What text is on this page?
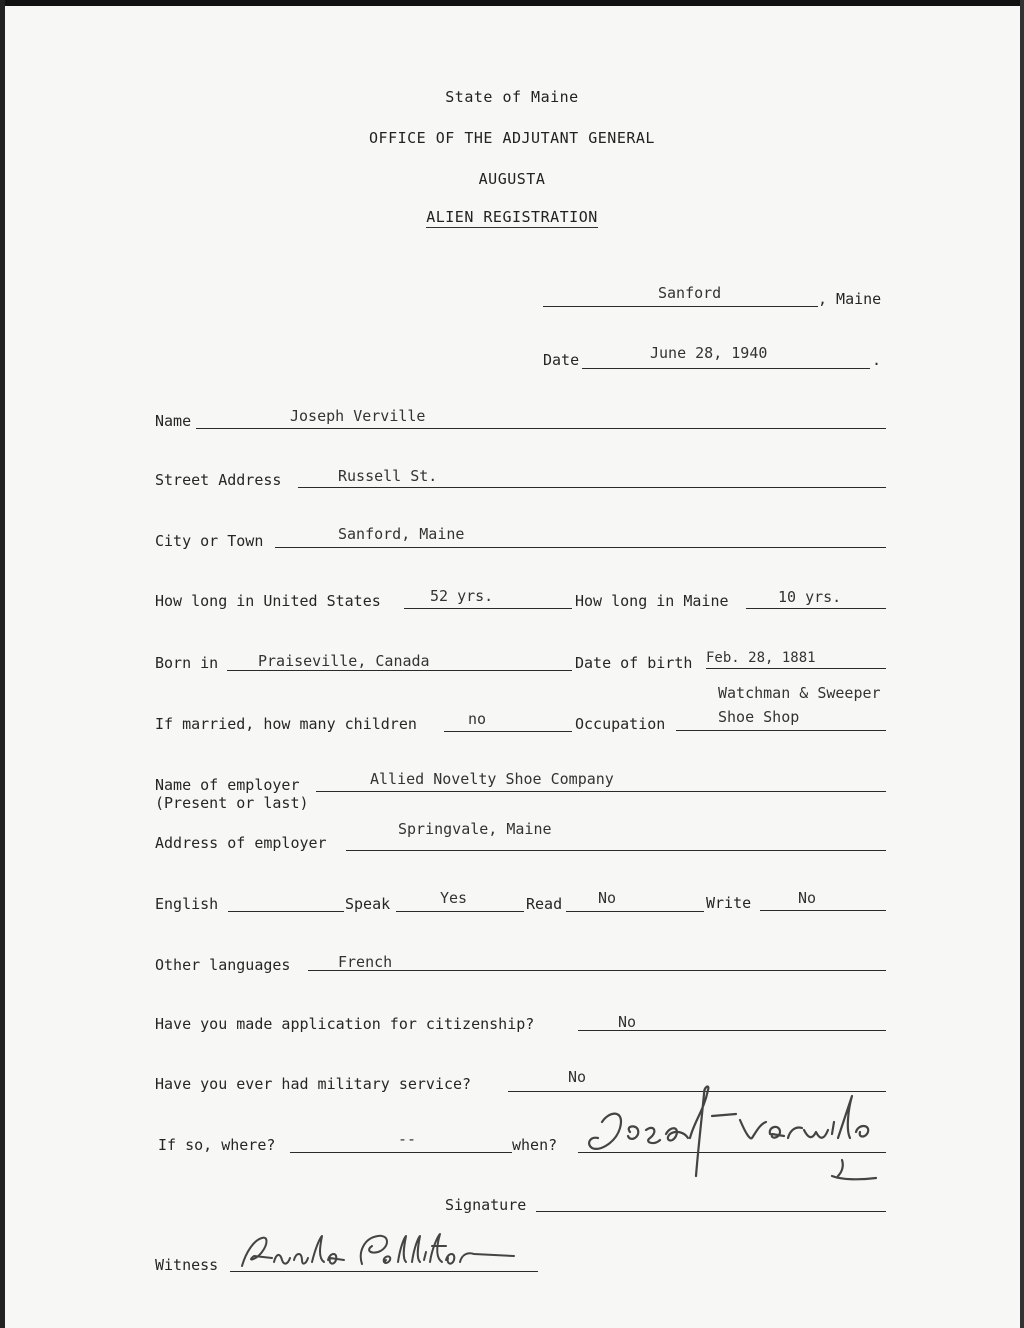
State of Maine
OFFICE OF THE ADJUTANT GENERAL
AUGUSTA
ALIEN REGISTRATION
Sanford	, Maine
Date	June 28, 1940	.
Name	Joseph Verville
Street Address	Russell St.
City or Town	Sanford, Maine
How long in United States	52 yrs.	How long in Maine	10 yrs.
Born in	Praiseville, Canada	Date of birth Feb. 28, 1881
If married, how many children	no	Occupation
Watchman & Sweeper
Shoe Shop
Name of employer
(Present or last)
Allied Novelty Shoe Company
Address of employer
Springvale, Maine
English	Speak	Yes	Read No	Write	No
Other languages	French
Have you made application for citizenship?	No
Have you ever had military service?	No
If so, where?	--	when?
Signature
Witness
